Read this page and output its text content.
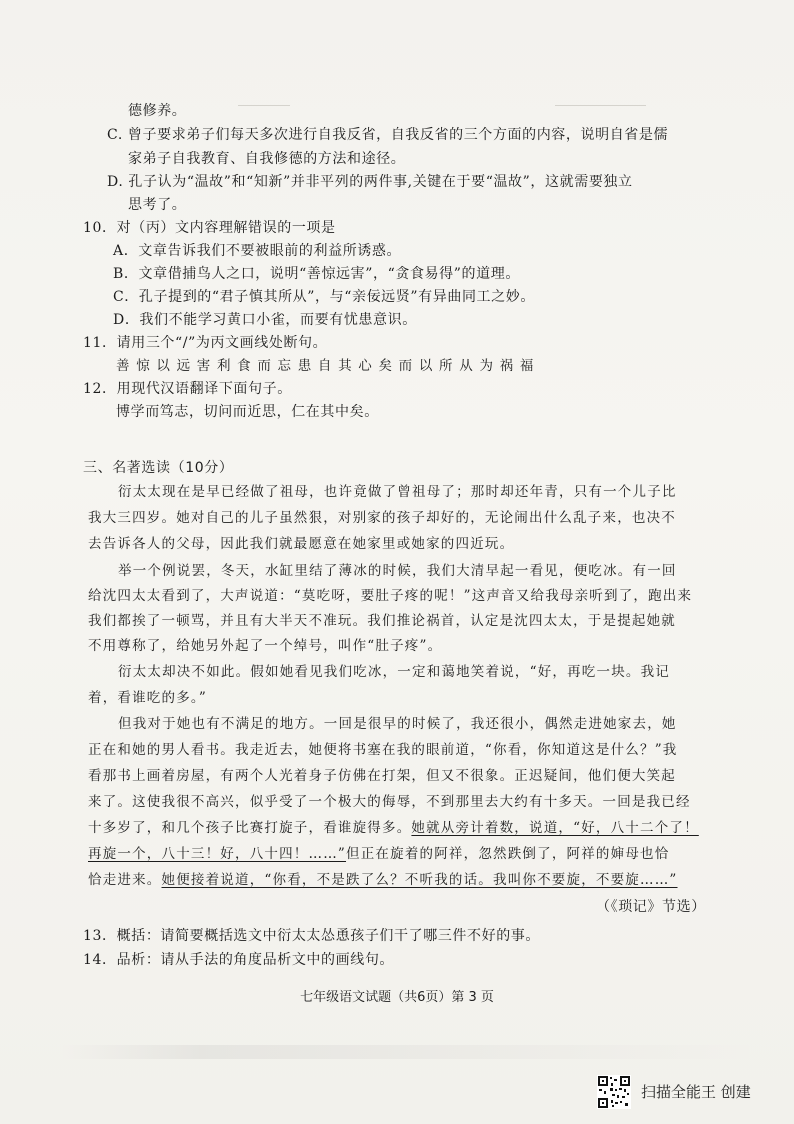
⎯⎯⎯⎯⎯⎯⎯⎯	⎯⎯⎯⎯⎯⎯⎯⎯⎯⎯⎯⎯⎯⎯
德修养。
C. 曾子要求弟子们每天多次进行自我反省，自我反省的三个方面的内容，说明自省是儒
家弟子自我教育、自我修德的方法和途径。
D. 孔子认为“温故”和“知新”并非平列的两件事,关键在于要“温故”，这就需要独立
思考了。
10．对（丙）文内容理解错误的一项是
A．文章告诉我们不要被眼前的利益所诱惑。
B．文章借捕鸟人之口，说明“善惊远害”，“贪食易得”的道理。
C．孔子提到的“君子慎其所从”，与“亲佞远贤”有异曲同工之妙。
D．我们不能学习黄口小雀，而要有忧患意识。
11．请用三个“/”为丙文画线处断句。
善 惊 以 远 害 利 食 而 忘 患 自 其 心 矣 而 以 所 从 为 祸 福
12．用现代汉语翻译下面句子。
博学而笃志，切问而近思，仁在其中矣。
三、名著选读（10分）
衍太太现在是早已经做了祖母，也许竟做了曾祖母了；那时却还年青，只有一个儿子比
我大三四岁。她对自己的儿子虽然狠，对别家的孩子却好的，无论闹出什么乱子来，也决不
去告诉各人的父母，因此我们就最愿意在她家里或她家的四近玩。
举一个例说罢，冬天，水缸里结了薄冰的时候，我们大清早起一看见，便吃冰。有一回
给沈四太太看到了，大声说道：“莫吃呀，要肚子疼的呢！”这声音又给我母亲听到了，跑出来
我们都挨了一顿骂，并且有大半天不准玩。我们推论祸首，认定是沈四太太，于是提起她就
不用尊称了，给她另外起了一个绰号，叫作“肚子疼”。
衍太太却决不如此。假如她看见我们吃冰，一定和蔼地笑着说，“好，再吃一块。我记
着，看谁吃的多。”
但我对于她也有不满足的地方。一回是很早的时候了，我还很小，偶然走进她家去，她
正在和她的男人看书。我走近去，她便将书塞在我的眼前道，“你看，你知道这是什么？”我
看那书上画着房屋，有两个人光着身子仿佛在打架，但又不很象。正迟疑间，他们便大笑起
来了。这使我很不高兴，似乎受了一个极大的侮辱，不到那里去大约有十多天。一回是我已经
十多岁了，和几个孩子比赛打旋子，看谁旋得多。她就从旁计着数，说道，“好，八十二个了！
再旋一个，八十三！好，八十四！……”但正在旋着的阿祥，忽然跌倒了，阿祥的婶母也恰
恰走进来。她便接着说道，“你看，不是跌了么？不听我的话。我叫你不要旋，不要旋……”
（《琐记》节选）
13．概括：请简要概括选文中衍太太怂恿孩子们干了哪三件不好的事。
14．品析：请从手法的角度品析文中的画线句。
七年级语文试题（共6页）第 3 页
扫描全能王 创建
